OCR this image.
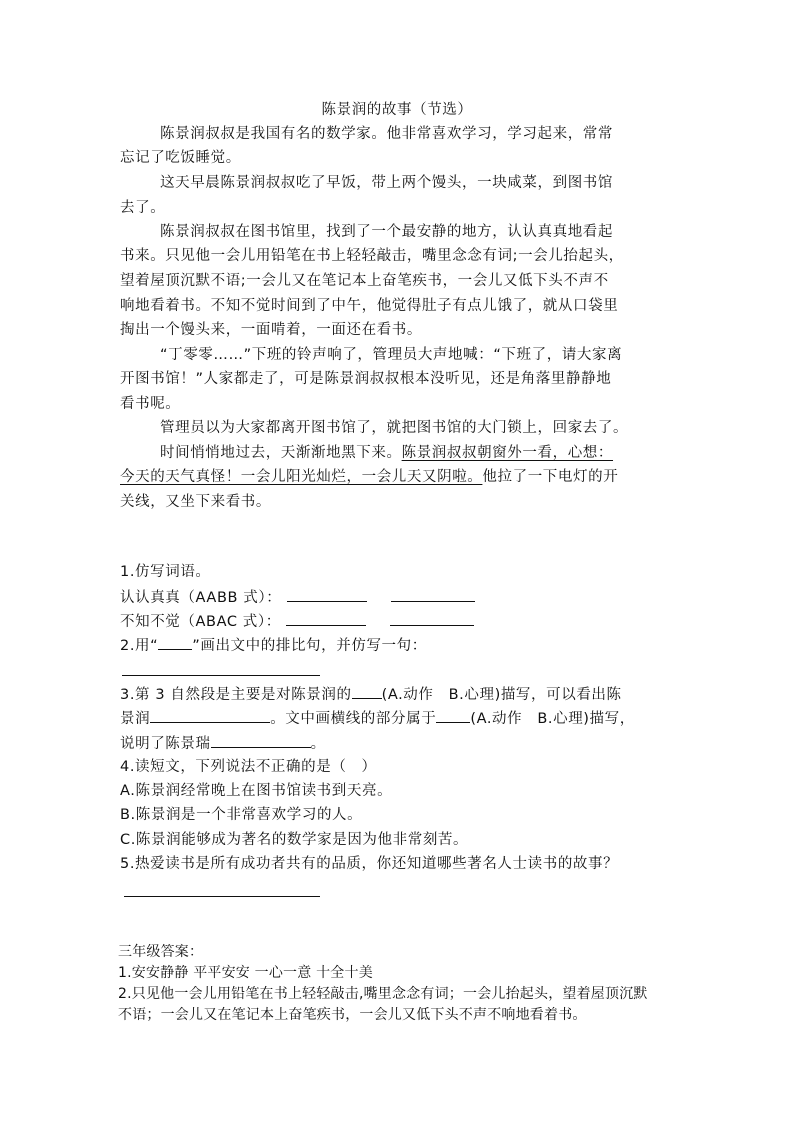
陈景润的故事（节选）
陈景润叔叔是我国有名的数学家。他非常喜欢学习，学习起来，常常
忘记了吃饭睡觉。
这天早晨陈景润叔叔吃了早饭，带上两个馒头，一块咸菜，到图书馆
去了。
陈景润叔叔在图书馆里，找到了一个最安静的地方，认认真真地看起
书来。只见他一会儿用铅笔在书上轻轻敲击，嘴里念念有词;一会儿抬起头，
望着屋顶沉默不语;一会儿又在笔记本上奋笔疾书，一会儿又低下头不声不
响地看着书。不知不觉时间到了中午，他觉得肚子有点儿饿了，就从口袋里
掏出一个馒头来，一面啃着，一面还在看书。
“丁零零……”下班的铃声响了，管理员大声地喊：“下班了，请大家离
开图书馆！”人家都走了，可是陈景润叔叔根本没听见，还是角落里静静地
看书呢。
管理员以为大家都离开图书馆了，就把图书馆的大门锁上，回家去了。
时间悄悄地过去，天渐渐地黑下来。陈景润叔叔朝窗外一看，心想：
今天的天气真怪！一会儿阳光灿烂，一会儿天又阴啦。他拉了一下电灯的开
关线，又坐下来看书。
1.仿写词语。
认认真真（AABB 式）：
不知不觉（ABAC 式）：
2.用“ ”画出文中的排比句，并仿写一句：
3.第 3 自然段是主要是对陈景润的 (A.动作　B.心理)描写，可以看出陈
景润	。文中画横线的部分属于 (A.动作　B.心理)描写，
说明了陈景瑞	。
4.读短文，下列说法不正确的是（　）
A.陈景润经常晚上在图书馆读书到天亮。
B.陈景润是一个非常喜欢学习的人。
C.陈景润能够成为著名的数学家是因为他非常刻苦。
5.热爱读书是所有成功者共有的品质，你还知道哪些著名人士读书的故事？
三年级答案：
1.安安静静 平平安安 一心一意 十全十美
2.只见他一会儿用铅笔在书上轻轻敲击,嘴里念念有词；一会儿抬起头，望着屋顶沉默
不语；一会儿又在笔记本上奋笔疾书，一会儿又低下头不声不响地看着书。
